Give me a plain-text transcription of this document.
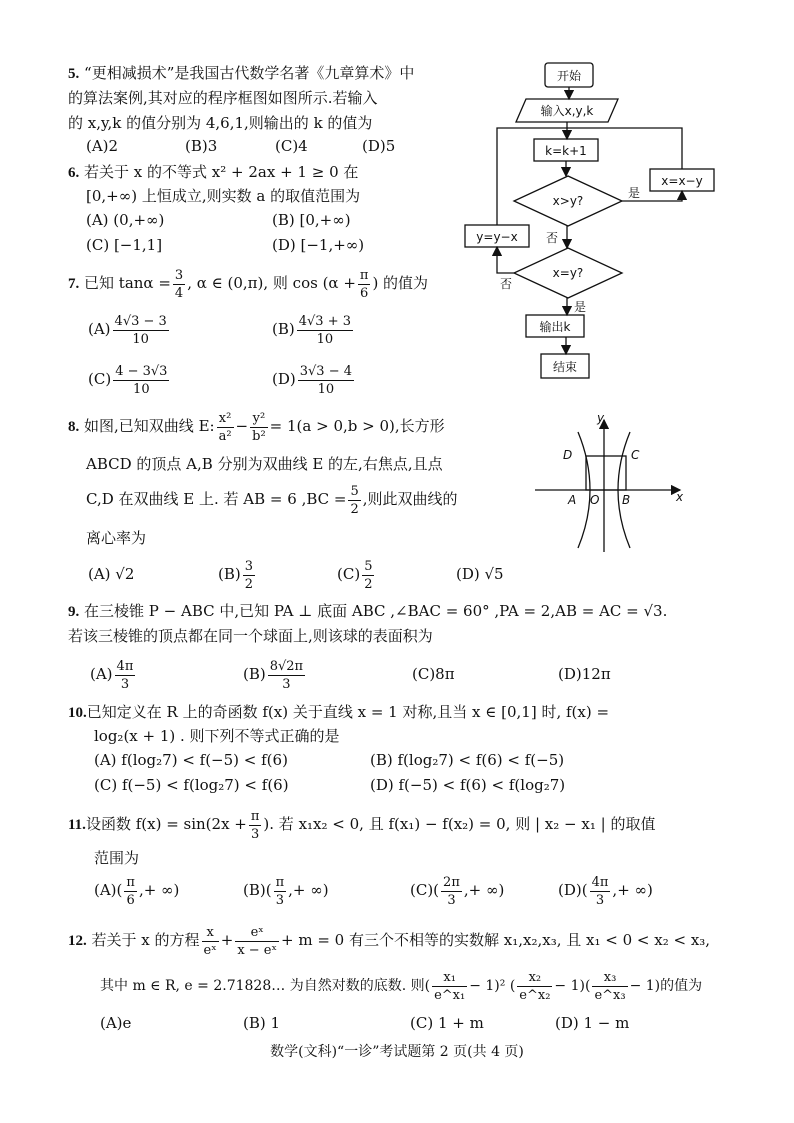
5. “更相减损术”是我国古代数学名著《九章算术》中
的算法案例,其对应的程序框图如图所示.若输入
的 x,y,k 的值分别为 4,6,1,则输出的 k 的值为
(A)2	(B)3	(C)4	(D)5
6. 若关于 x 的不等式 x² + 2ax + 1 ≥ 0 在
[0,+∞) 上恒成立,则实数 a 的取值范围为
(A) (0,+∞)	(B) [0,+∞)
(C) [−1,1]	(D) [−1,+∞)
7. 已知 $\tan\alpha = \frac{3}{4}$ , α ∈ (0,π), 则 $\cos (\alpha + \frac{\pi}{6}$ ) 的值为
$(A) \frac{4√3 - 3}{10}$	$(B) \frac{4√3 + 3}{10}$
$(C) \frac{4 - 3√3}{10}$	$(D) \frac{3√3 - 4}{10}$
8. 如图,已知双曲线 E: $\frac{\text{x²}}{\text{a²}} - \frac{\text{y²}}{\text{b²}} = 1(a > 0,b > 0)$,长方形
ABCD 的顶点 A,B 分别为双曲线 E 的左,右焦点,且点
C,D 在双曲线 E 上. 若 AB = 6 $,BC = \frac{5}{2}$ ,则此双曲线的
离心率为
(A) √2	$(B) \frac{3}{2}$	$(C) \frac{5}{2}$	(D) √5
9. 在三棱锥 P − ABC 中,已知 PA ⊥ 底面 ABC ,∠BAC = 60° ,PA = 2,AB = AC = √3.
若该三棱锥的顶点都在同一个球面上,则该球的表面积为
$(A) \frac{4\pi}{3}$	$(B) \frac{8√2\pi}{3}$	(C)8π	(D)12π
10.已知定义在 R 上的奇函数 f(x) 关于直线 x = 1 对称,且当 x ∈ [0,1] 时, f(x) =
log₂(x + 1) . 则下列不等式正确的是
(A) f(log₂7) < f(−5) < f(6)	(B) f(log₂7) < f(6) < f(−5)
(C) f(−5) < f(log₂7) < f(6)	(D) f(−5) < f(6) < f(log₂7)
11.设函数 $f(x) = \sin(2x + \frac{\pi}{3}$ ). 若 x₁x₂ < 0, 且 f(x₁) − f(x₂) = 0, 则 | x₂ − x₁ | 的取值
范围为
$(A)( \frac{\pi}{6}$ ,+ ∞)	$(B)( \frac{\pi}{3}$ ,+ ∞)	$(C)( \frac{2\pi}{3}$ ,+ ∞)	$(D)( \frac{4\pi}{3}$ ,+ ∞)
12. 若关于 x 的方程 $\frac{x}{\text{eˣ}} + \frac{\text{eˣ}}{\text{x − eˣ}} + m = 0$ 有三个不相等的实数解 x₁,x₂,x₃, 且 x₁ < 0 < x₂ < x₃,
其中 m ∈ R, e = 2.71828… 为自然对数的底数. 则( $\frac{\text{x₁}}{\text{e\textasciicircum{}x₁}} - 1)^2$ ( $\frac{\text{x₂}}{\text{e\textasciicircum{}x₂}} - 1)( \frac{\text{x₃}}{\text{e\textasciicircum{}x₃}} - 1)$的值为
(A)e	(B) 1	(C) 1 + m	(D) 1 − m
数学(文科)“一诊”考试题第 2 页(共 4 页)
开始
输入x,y,k
k=k+1
x>y?
x=x−y
y=y−x
是
否
x=y?
否
是
输出k
结束
y
x
A O B
C
D
